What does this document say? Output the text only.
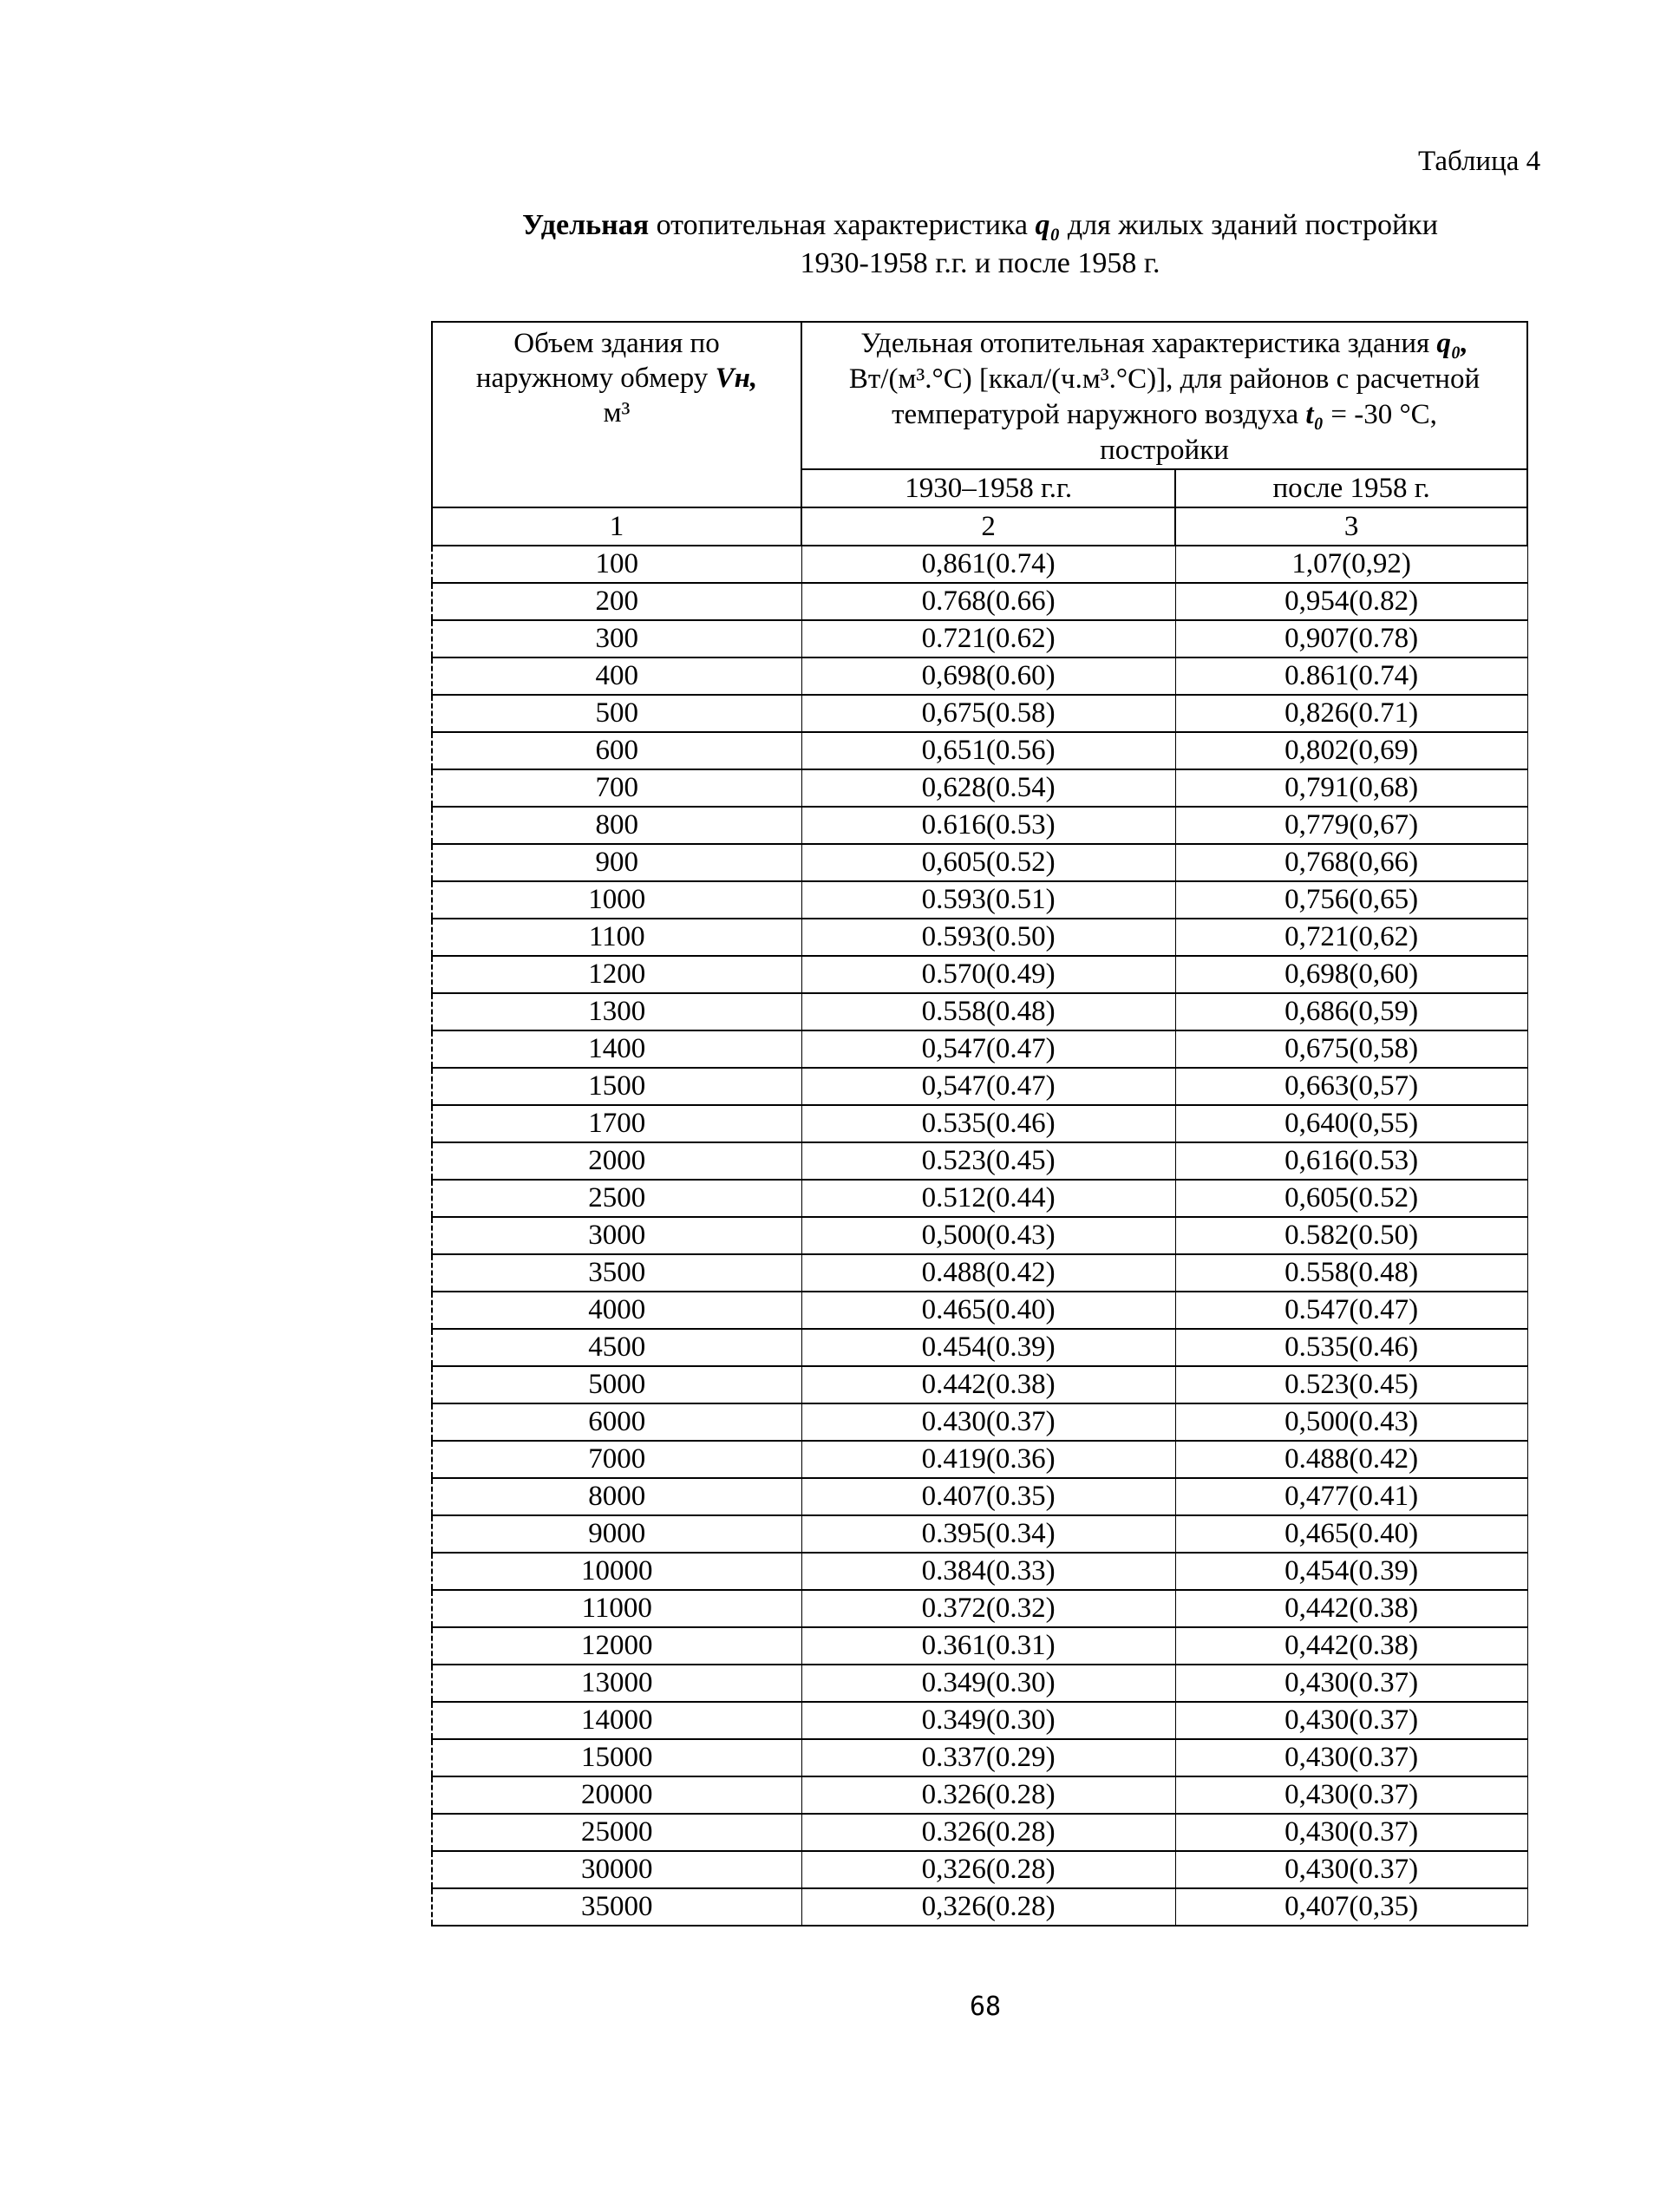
Таблица 4
Удельная отопительная характеристика q₀ для жилых зданий постройки
1930-1958 г.г. и после 1958 г.
Объем здания по
наружному обмеру Vн,
м³

Удельная отопительная характеристика здания q₀,
Вт/(м³.°С) [ккал/(ч.м³.°С)], для районов с расчетной
температурой наружного воздуха t₀ = -30 °С,
постройки

	1930–1958 г.г.	после 1958 г.
1	2	3
100	0,861(0.74)	1,07(0,92)
200	0.768(0.66)	0,954(0.82)
300	0.721(0.62)	0,907(0.78)
400	0,698(0.60)	0.861(0.74)
500	0,675(0.58)	0,826(0.71)
600	0,651(0.56)	0,802(0,69)
700	0,628(0.54)	0,791(0,68)
800	0.616(0.53)	0,779(0,67)
900	0,605(0.52)	0,768(0,66)
1000	0.593(0.51)	0,756(0,65)
1100	0.593(0.50)	0,721(0,62)
1200	0.570(0.49)	0,698(0,60)
1300	0.558(0.48)	0,686(0,59)
1400	0,547(0.47)	0,675(0,58)
1500	0,547(0.47)	0,663(0,57)
1700	0.535(0.46)	0,640(0,55)
2000	0.523(0.45)	0,616(0.53)
2500	0.512(0.44)	0,605(0.52)
3000	0,500(0.43)	0.582(0.50)
3500	0.488(0.42)	0.558(0.48)
4000	0.465(0.40)	0.547(0.47)
4500	0.454(0.39)	0.535(0.46)
5000	0.442(0.38)	0.523(0.45)
6000	0.430(0.37)	0,500(0.43)
7000	0.419(0.36)	0.488(0.42)
8000	0.407(0.35)	0,477(0.41)
9000	0.395(0.34)	0,465(0.40)
10000	0.384(0.33)	0,454(0.39)
11000	0.372(0.32)	0,442(0.38)
12000	0.361(0.31)	0,442(0.38)
13000	0.349(0.30)	0,430(0.37)
14000	0.349(0.30)	0,430(0.37)
15000	0.337(0.29)	0,430(0.37)
20000	0.326(0.28)	0,430(0.37)
25000	0.326(0.28)	0,430(0.37)
30000	0,326(0.28)	0,430(0.37)
35000	0,326(0.28)	0,407(0,35)
68
